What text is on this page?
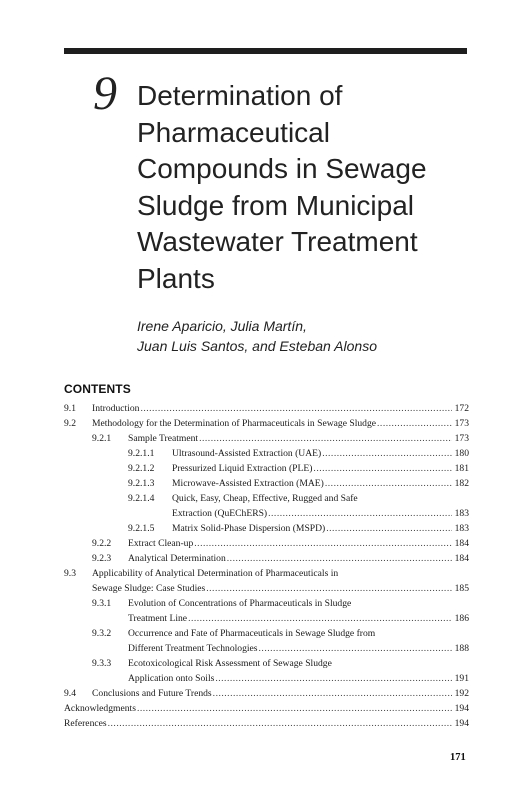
9 Determination of
Pharmaceutical
Compounds in Sewage
Sludge from Municipal
Wastewater Treatment
Plants
Irene Aparicio, Julia Martín,
Juan Luis Santos, and Esteban Alonso
CONTENTS
9.1 Introduction .....	172
9.2 Methodology for the Determination of Pharmaceuticals in Sewage Sludge .....	173
9.2.1 Sample Treatment .....	173
9.2.1.1 Ultrasound-Assisted Extraction (UAE) .....	180
9.2.1.2 Pressurized Liquid Extraction (PLE) .....	181
9.2.1.3 Microwave-Assisted Extraction (MAE) .....	182
9.2.1.4 Quick, Easy, Cheap, Effective, Rugged and Safe
Extraction (QuEChERS) .....	183
9.2.1.5 Matrix Solid-Phase Dispersion (MSPD) .....	183
9.2.2 Extract Clean-up .....	184
9.2.3 Analytical Determination .....	184
9.3 Applicability of Analytical Determination of Pharmaceuticals in
Sewage Sludge: Case Studies .....	185
9.3.1 Evolution of Concentrations of Pharmaceuticals in Sludge
Treatment Line .....	186
9.3.2 Occurrence and Fate of Pharmaceuticals in Sewage Sludge from
Different Treatment Technologies .....	188
9.3.3 Ecotoxicological Risk Assessment of Sewage Sludge
Application onto Soils .....	191
9.4 Conclusions and Future Trends .....	192
Acknowledgments .....	194
References .....	194
171
